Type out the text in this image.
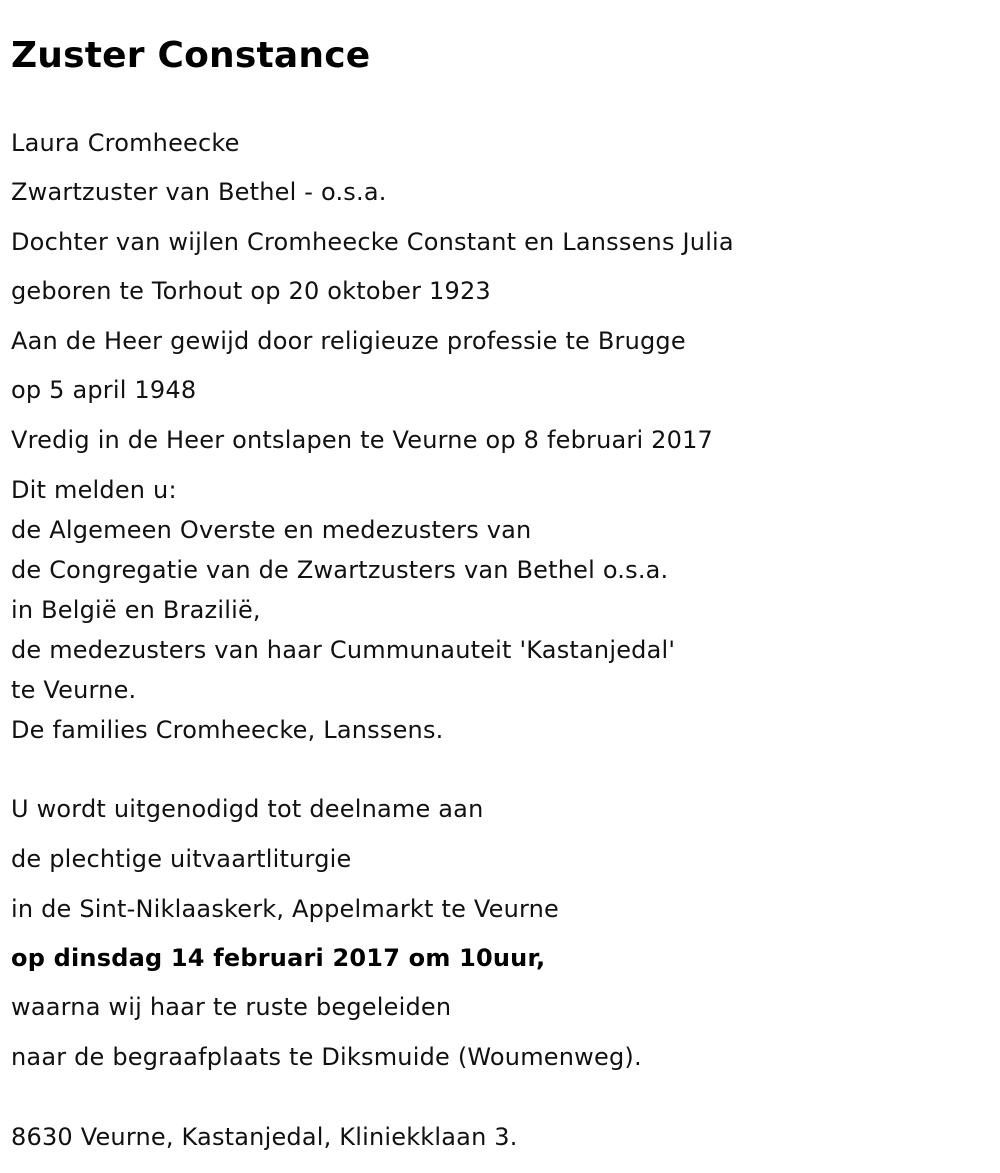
Zuster Constance

Laura Cromheecke

Zwartzuster van Bethel - o.s.a.

Dochter van wijlen Cromheecke Constant en Lanssens Julia

geboren te Torhout op 20 oktober 1923

Aan de Heer gewijd door religieuze professie te Brugge

op 5 april 1948

Vredig in de Heer ontslapen te Veurne op 8 februari 2017

Dit melden u:

de Algemeen Overste en medezusters van

de Congregatie van de Zwartzusters van Bethel o.s.a.

in België en Brazilië,

de medezusters van haar Cummunauteit 'Kastanjedal'

te Veurne.

De families Cromheecke, Lanssens.

U wordt uitgenodigd tot deelname aan

de plechtige uitvaartliturgie

in de Sint-Niklaaskerk, Appelmarkt te Veurne

op dinsdag 14 februari 2017 om 10uur,

waarna wij haar te ruste begeleiden

naar de begraafplaats te Diksmuide (Woumenweg).

8630 Veurne, Kastanjedal, Kliniekklaan 3.
